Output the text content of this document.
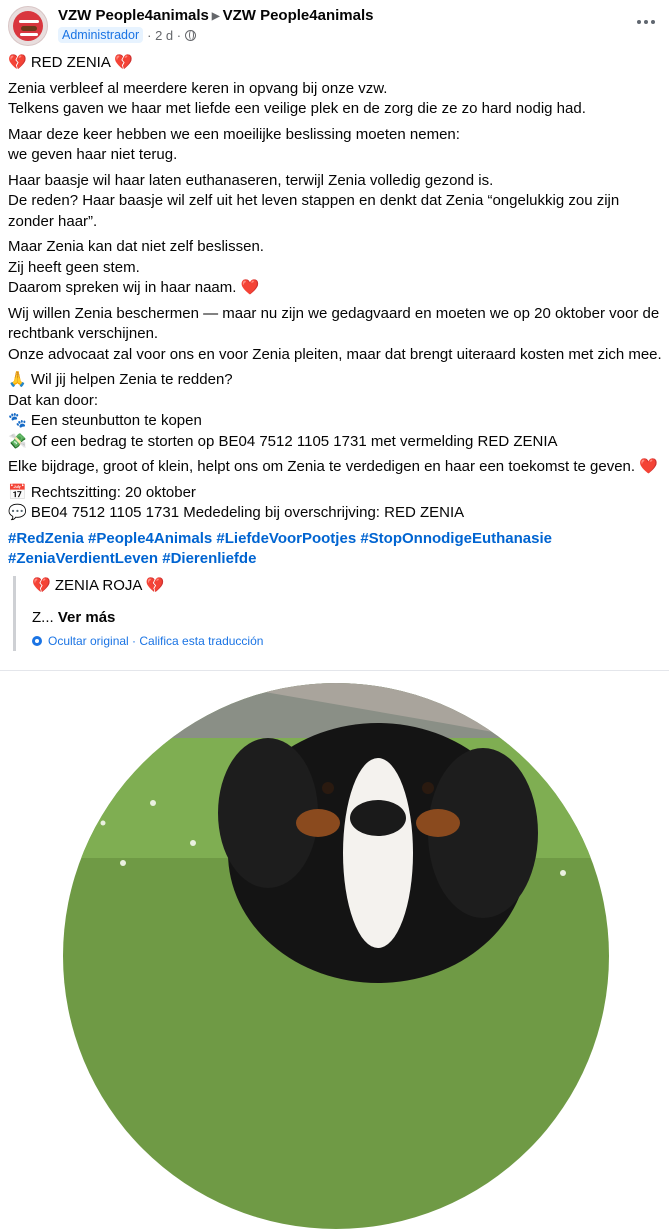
VZW People4animals ▶ VZW People4animals
Administrador · 2 d ·

💔 RED ZENIA 💔

Zenia verbleef al meerdere keren in opvang bij onze vzw.
Telkens gaven we haar met liefde een veilige plek en de zorg die ze zo hard nodig had.

Maar deze keer hebben we een moeilijke beslissing moeten nemen:
we geven haar niet terug.

Haar baasje wil haar laten euthanaseren, terwijl Zenia volledig gezond is.
De reden? Haar baasje wil zelf uit het leven stappen en denkt dat Zenia “ongelukkig zou zijn zonder haar”.

Maar Zenia kan dat niet zelf beslissen.
Zij heeft geen stem.
Daarom spreken wij in haar naam. ❤️

Wij willen Zenia beschermen — maar nu zijn we gedagvaard en moeten we op 20 oktober voor de rechtbank verschijnen.
Onze advocaat zal voor ons en voor Zenia pleiten, maar dat brengt uiteraard kosten met zich mee.

🙏 Wil jij helpen Zenia te redden?
Dat kan door:
🐾 Een steunbutton te kopen
💸 Of een bedrag te storten op BE04 7512 1105 1731 met vermelding RED ZENIA

Elke bijdrage, groot of klein, helpt ons om Zenia te verdedigen en haar een toekomst te geven. ❤️

📅 Rechtszitting: 20 oktober
💬 BE04 7512 1105 1731 Mededeling bij overschrijving: RED ZENIA

#RedZenia #People4Animals #LiefdeVoorPootjes #StopOnnodigeEuthanasie
#ZeniaVerdientLeven #Dierenliefde

💔 ZENIA ROJA 💔
Z... Ver más
Ocultar original
· Califica esta traducción
